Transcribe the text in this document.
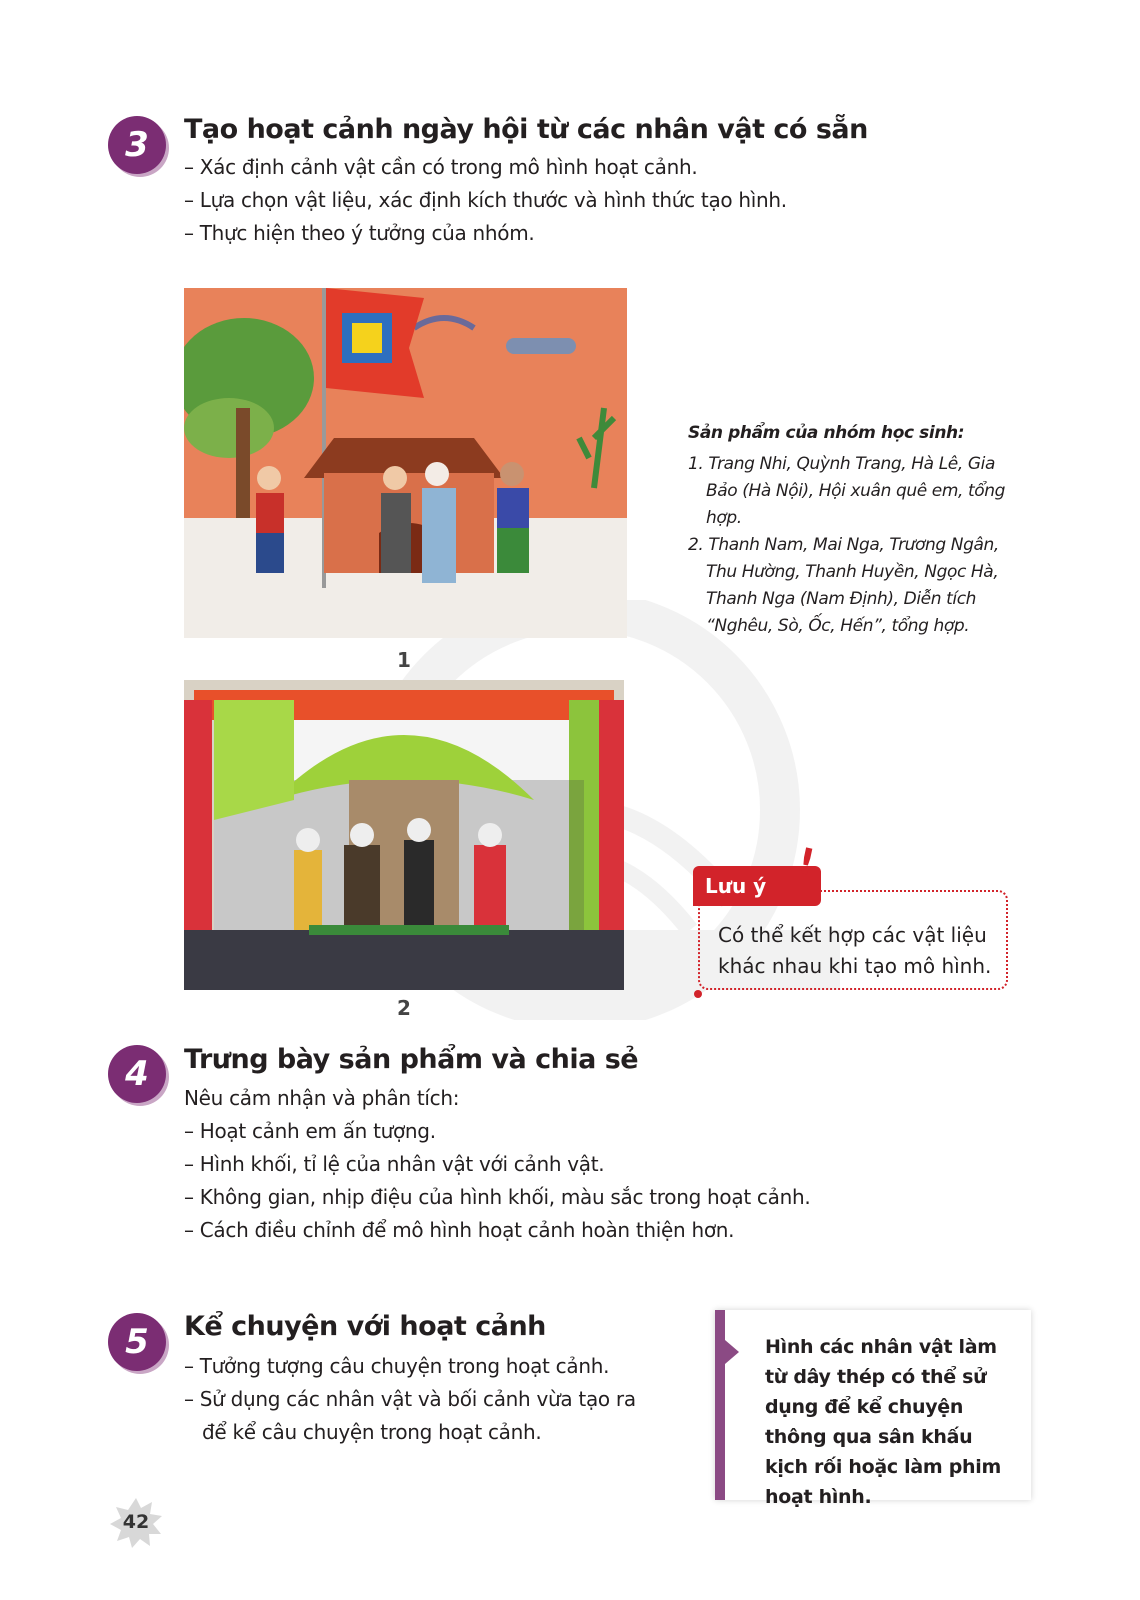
3	Tạo hoạt cảnh ngày hội từ các nhân vật có sẵn
– Xác định cảnh vật cần có trong mô hình hoạt cảnh.
– Lựa chọn vật liệu, xác định kích thước và hình thức tạo hình.
– Thực hiện theo ý tưởng của nhóm.
1
Sản phẩm của nhóm học sinh:
1. Trang Nhi, Quỳnh Trang, Hà Lê, Gia Bảo (Hà Nội), Hội xuân quê em, tổng hợp.
2. Thanh Nam, Mai Nga, Trương Ngân, Thu Hường, Thanh Huyền, Ngọc Hà, Thanh Nga (Nam Định), Diễn tích “Nghêu, Sò, Ốc, Hến”, tổng hợp.
2
Lưu ý
!
Có thể kết hợp các vật liệu khác nhau khi tạo mô hình.
4	Trưng bày sản phẩm và chia sẻ
Nêu cảm nhận và phân tích:
– Hoạt cảnh em ấn tượng.
– Hình khối, tỉ lệ của nhân vật với cảnh vật.
– Không gian, nhịp điệu của hình khối, màu sắc trong hoạt cảnh.
– Cách điều chỉnh để mô hình hoạt cảnh hoàn thiện hơn.
5	Kể chuyện với hoạt cảnh
– Tưởng tượng câu chuyện trong hoạt cảnh.
– Sử dụng các nhân vật và bối cảnh vừa tạo ra
để kể câu chuyện trong hoạt cảnh.
Hình các nhân vật làm từ dây thép có thể sử dụng để kể chuyện thông qua sân khấu kịch rối hoặc làm phim hoạt hình.
42
